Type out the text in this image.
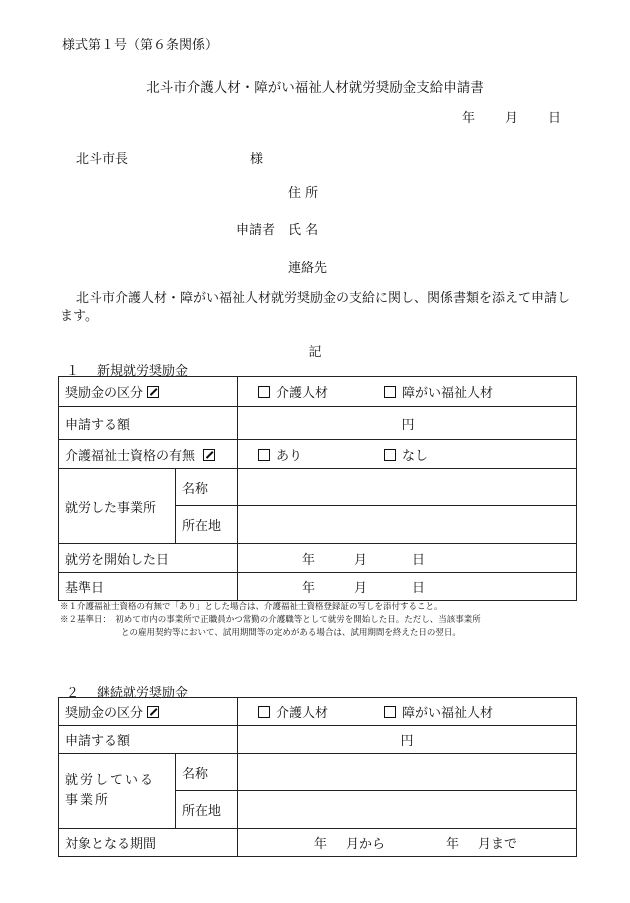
様式第１号（第６条関係）
北斗市介護人材・障がい福祉人材就労奨励金支給申請書
年 月 日
北斗市長	様
住 所
申請者 氏 名
連絡先
北斗市介護人材・障がい福祉人材就労奨励金の支給に関し、関係書類を添えて申請します。
記
１ 新規就労奨励金
奨励金の区分		介護人材 障がい福祉人材
申請する額		円
介護福祉士資格の有無		あり なし
就労した事業所	名称	
	所在地	
就労を開始した日		年 月 日
基準日		年 月 日
※１介護福祉士資格の有無で「あり」とした場合は、介護福祉士資格登録証の写しを添付すること。
※２基準日：　初めて市内の事業所で正職員かつ常勤の介護職等として就労を開始した日。ただし、当該事業所
との雇用契約等において、試用期間等の定めがある場合は、試用期間を終えた日の翌日。
２ 継続就労奨励金
奨励金の区分		介護人材 障がい福祉人材
申請する額		円
就労している事業所	名称	
	所在地	
対象となる期間		年 月から 年 月まで
